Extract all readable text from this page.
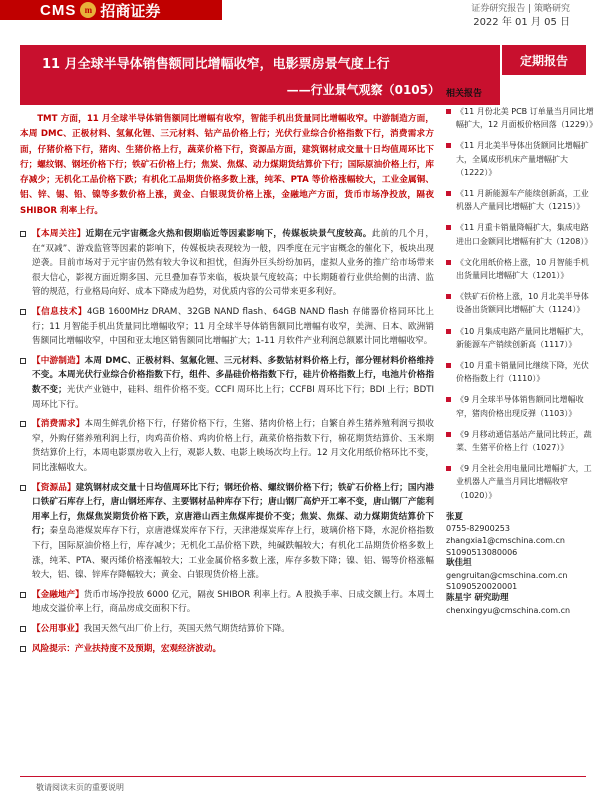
CMS m 招商证券	证券研究报告 | 策略研究
2022 年 01 月 05 日
11 月全球半导体销售额同比增幅收窄，电影票房景气度上行
——行业景气观察（0105）
定期报告

TMT 方面，11 月全球半导体销售额同比增幅有收窄，智能手机出货量同比增幅收窄。中游制造方面，本周 DMC、正极材料、氢氟化锂、三元材料、钴产品价格上行；光伏行业综合价格指数下行，消费需求方面，仔猪价格下行，猪肉、生猪价格上行，蔬菜价格下行，资源品方面，建筑钢材成交量十日均值周环比下行；螺纹钢、钢坯价格下行；铁矿石价格上行；焦炭、焦煤、动力煤期货结算价下行；国际原油价格上行，库存减少；无机化工品价格下跌；有机化工品期货价格多数上涨，纯苯、PTA 等价格涨幅较大，工业金属铜、铝、锌、锡、铅、镍等多数价格上涨，黄金、白银现货价格上涨，金融地产方面，货币市场净投放，隔夜 SHIBOR 利率上行。

【本周关注】近期在元宇宙概念火热和假期临近等因素影响下，传媒板块景气度较高。此前的几个月，在“双减”、游戏监管等因素的影响下，传媒板块表现较为一般，四季度在元宇宙概念的催化下，板块出现逆袭。目前市场对于元宇宙仍然有较大争议和担忧，但海外巨头纷纷加码，虚拟人业务的推广给市场带来很大信心，影视方面近期多国、元旦叠加春节来临，板块景气度较高；中长期随着行业供给侧的出清、监管的规范，行业格局向好、成本下降成为趋势，对优质内容的公司带来更多利好。
【信息技术】4GB 1600MHz DRAM、32GB NAND flash、64GB NAND flash 存储器价格同环比上行；11 月智能手机出货量同比增幅收窄；11 月全球半导体销售额同比增幅有收窄，美洲、日本、欧洲销售额同比增幅收窄，中国和亚太地区销售额同比增幅扩大；1-11 月软件产业利润总额累计同比增幅收窄。
【中游制造】本周 DMC、正极材料、氢氟化锂、三元材料、多数钴材料价格上行，部分锂材料价格维持不变。本周光伏行业综合价格指数下行，组件、多晶硅价格指数下行，硅片价格指数上行，电池片价格指数不变；光伏产业链中，硅料、组件价格不变。CCFI 周环比上行；CCFBI 周环比下行；BDI 上行；BDTI 周环比下行。
【消费需求】本周生鲜乳价格下行，仔猪价格下行，生猪、猪肉价格上行；自繁自养生猪养殖利润亏损收窄，外购仔猪养殖利润上行，肉鸡苗价格、鸡肉价格上行，蔬菜价格指数下行，棉花期货结算价、玉米期货结算价上行，本周电影票房收入上行，观影人数、电影上映场次均上行。12 月文化用纸价格环比不变，同比涨幅收大。
【资源品】建筑钢材成交量十日均值周环比下行；钢坯价格、螺纹钢价格下行；铁矿石价格上行；国内港口铁矿石库存上行，唐山钢坯库存、主要钢材品种库存下行；唐山钢厂高炉开工率不变，唐山钢厂产能利用率上行，焦煤焦炭期货价格下跌，京唐港山西主焦煤库提价不变；焦炭、焦煤、动力煤期货结算价下行；秦皇岛港煤炭库存下行，京唐港煤炭库存下行，天津港煤炭库存上行，玻璃价格下降，水泥价格指数下行，国际原油价格上行，库存减少；无机化工品价格下跌，纯碱跌幅较大；有机化工品期货价格多数上涨，纯苯、PTA、聚丙烯价格涨幅较大；工业金属价格多数上涨，库存多数下降；镍、铝、锡等价格涨幅较大，铝、镍、锌库存降幅较大；黄金、白银现货价格上涨。
【金融地产】货币市场净投放 6000 亿元，隔夜 SHIBOR 利率上行。A 股换手率、日成交额上行。本周土地成交溢价率上行，商品房成交面积下行。
【公用事业】我国天然气出厂价上行，英国天然气期货结算价下降。
风险提示：产业扶持度不及预期，宏观经济波动。
相关报告
《11 月份北美 PCB 订单量当月同比增幅扩大，12 月面板价格回落（1229）》
《11 月北美半导体出货额同比增幅扩大，全属成形机床产量增幅扩大（1222）》
《11 月新能源车产能续创新高，工业机器人产量同比增幅扩大（1215）》
《11 月重卡销量降幅扩大，集成电路进出口金额同比增幅有扩大（1208）》
《文化用纸价格上涨，10 月智能手机出货量同比增幅扩大（1201）》
《铁矿石价格上涨，10 月北美半导体设备出货额同比增幅扩大（1124）》
《10 月集成电路产量同比增幅扩大，新能源车产销续创新高（1117）》
《10 月重卡销量同比继续下降，光伏价格指数上行（1110）》
《9 月全球半导体销售额同比增幅收窄，猪肉价格出现反弹（1103）》
《9 月移动通信基站产量同比转正，蔬菜、生猪平价格上行（1027）》
《9 月全社会用电量同比增幅扩大，工业机器人产量当月同比增幅收窄（1020）》
张夏
0755-82900253
zhangxia1@cmschina.com.cn
S1090513080006
耿佳坦
gengruitan@cmschina.com.cn
S1090520020001
陈星宇 研究助理
chenxingyu@cmschina.com.cn
敬请阅读末页的重要说明
